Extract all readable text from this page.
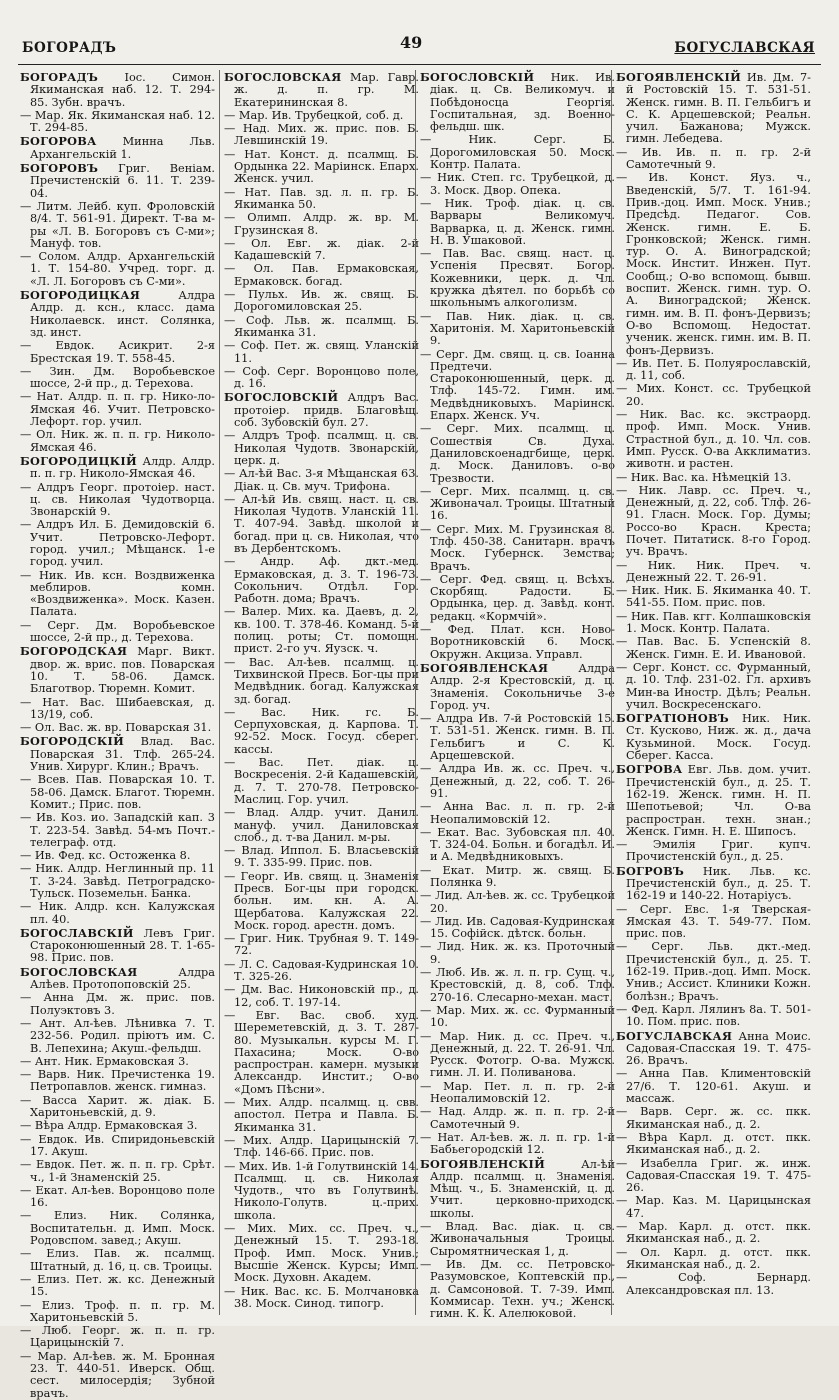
БОГОРАДЪ	49	БОГУСЛАВСКАЯ

БОГОРАДЪ Іос. Симон. Якиманская наб. 12. Т. 294-85. Зубн. врачъ.

— Мар. Як. Якиманская наб. 12. Т. 294-85.

БОГОРОВА Минна Льв. Архангельскій 1.

БОГОРОВЪ Григ. Веніам. Пречистенскій 6. 11. Т. 239-04.

— Литм. Лейб. куп. Фроловскій 8/4. Т. 561-91. Директ. Т-ва м-ры «Л. В. Богоровъ съ С-ми»; Мануф. тов.

— Солом. Алдр. Архангельскій 1. Т. 154-80. Учред. торг. д. «Л. Л. Богоровъ съ С-ми».

БОГОРОДИЦКАЯ	Алдра Алдр. д. ксн., класс. дама Николаевск. инст. Солянка, зд. инст.

— Евдок. Асикрит. 2-я Брестская 19. Т. 558-45.

— Зин. Дм. Воробьевское шоссе, 2-й пр., д. Терехова.

— Нат. Алдр. п. п. гр. Нико-ло-Ямская 46. Учит. Петровско-Лефорт. гор. учил.

— Ол. Ник. ж. п. п. гр. Николо-Ямская 46.

БОГОРОДИЦКІЙ Алдр. Алдр. п. п. гр. Николо-Ямская 46.

— Алдръ Георг. протоіер. наст. ц. св. Николая Чудотворца. Звонарскій 9.

— Алдръ Ил. Б. Демидовскій 6. Учит. Петровско-Лефорт. город. учил.; Мѣщанск. 1-е город. учил.

— Ник. Ив. ксн. Воздвиженка меблиров. комн. «Воздвиженка». Моск. Казен. Палата.

— Серг. Дм. Воробьевское шоссе, 2-й пр., д. Терехова.

БОГОРОДСКАЯ Марг. Викт. двор. ж. врис. пов. Поварская 10. Т. 58-06. Дамск. Благотвор. Тюремн. Комит.

— Нат. Вас. Шибаевская, д. 13/19, соб.

— Ол. Вас. ж. вр. Поварская 31.

БОГОРОДСКІЙ Влад. Вас. Поварская 31. Тлф. 265-24. Унив. Хирург. Клин.; Врачъ.

— Всев. Пав. Поварская 10. Т. 58-06. Дамск. Благот. Тюремн. Комит.; Прис. пов.

— Ив. Коз. ио. Западскій кап. 3 Т. 223-54. Завѣд. 54-мъ Почт.-телеграф. отд.

— Ив. Фед. кс. Остоженка 8.

— Ник. Алдр. Неглинный пр. 11 Т. 3-24. Завѣд. Петроградско-Тульск. Поземельн. Банка.

— Ник. Алдр. ксн. Калужская пл. 40.

БОГОСЛАВСКІЙ Левъ Григ. Староконюшенный 28. Т. 1-65-98. Прис. пов.

БОГОСЛОВСКАЯ	Алдра Алѣев. Протопоповскій 25.

— Анна Дм. ж. прис. пов. Полуэктовъ 3.

— Ант. Ал-ѣев. Лѣнивка 7. Т. 232-56. Родил. пріютъ им. С. В. Лепехина; Акуш.-фельдш.

— Ант. Ник. Ермаковская 3.

— Варв. Ник. Пречистенка 19. Петропавлов. женск. гимназ.

— Васса Харит. ж. діак. Б. Харитоньевскій, д. 9.

— Вѣра Алдр. Ермаковская 3.

— Евдок. Ив. Спиридоньевскій 17. Акуш.

— Евдок. Пет. ж. п. п. гр. Срѣт. ч., 1-й Знаменскій 25.

— Екат. Ал-ѣев. Воронцово поле 16.

— Елиз. Ник. Солянка, Воспитательн. д. Имп. Моск. Родовспом. завед.; Акуш.

— Елиз. Пав. ж. псалмщ. Штатный, д. 16, ц. св. Троицы.

— Елиз. Пет. ж. кс. Денежный 15.

— Елиз. Троф. п. п. гр. М. Харитоньевскій 5.

— Люб. Георг. ж. п. п. гр. Царицынскій 7.

— Мар. Ал-ѣев. ж. М. Бронная 23. Т. 440-51. Иверск. Общ. сест. милосердія; Зубной врачъ.

БОГОСЛОВСКАЯ Мар. Гавр. ж. д. п. гр. М. Екатерининская 8.

— Мар. Ив. Трубецкой, соб. д.

— Над. Мих. ж. прис. пов. Б. Левшинскій 19.

— Нат. Конст. д. псалмщ. Б. Ордынка 22. Маріинск. Епарх. Женск. учил.

— Нат. Пав. зд. л. п. гр. Б. Якиманка 50.

— Олимп. Алдр. ж. вр. М. Грузинская 8.

— Ол. Евг. ж. діак. 2-й Кадашевскій 7.

— Ол. Пав. Ермаковская, Ермаковск. богад.

— Пульх. Ив. ж. свящ. Б. Дорогомиловская 25.

— Соф. Льв. ж. псалмщ. Б. Якиманка 31.

— Соф. Пет. ж. свящ. Уланскій 11.

— Соф. Серг. Воронцово поле, д. 16.

БОГОСЛОВСКІЙ Алдръ Вас. протоіер. придв. Благовѣщ. соб. Зубовскій бул. 27.

— Алдръ Троф. псалмщ. ц. св. Николая Чудотв. Звонарскій, церк. д.

— Ал-ѣй Вас. 3-я Мѣщанская 63. Діак. ц. Св. муч. Трифона.

— Ал-ѣй Ив. свящ. наст. ц. св. Николая Чудотв. Уланскій 11. Т. 407-94. Завѣд. школой и богад. при ц. св. Николая, что въ Дербентскомъ.

— Андр. Аф. дкт.-мед. Ермаковская, д. 3. Т. 196-73. Сокольнич. Отдѣл. Гор. Работн. дома; Врачъ.

— Валер. Мих. ка. Даевъ, д. 2, кв. 100. Т. 378-46. Команд. 5-й полиц. роты; Ст. помощн. прист. 2-го уч. Яузск. ч.

— Вас. Ал-ѣев. псалмщ. ц. Тихвинской Пресв. Бог-цы при Медвѣдник. богад. Калужская зд. богад.

— Вас. Ник. гс. Б. Серпуховская, д. Карпова. Т. 92-52. Моск. Госуд. сберег. кассы.

— Вас. Пет. діак. ц. Воскресенія. 2-й Кадашевскій, д. 7. Т. 270-78. Петровско-Маслиц. Гор. учил.

— Влад. Алдр. учит. Данил. мануф. учил. Даниловская слоб., д. т-ва Данил. м-ры.

— Влад. Иппол. Б. Власьевскій 9. Т. 335-99. Прис. пов.

— Георг. Ив. свящ. ц. Знаменія Пресв. Бог-цы при городск. больн. им. кн. А. А. Щербатова. Калужская 22. Моск. город. арестн. домъ.

— Григ. Ник. Трубная 9. Т. 149-72.

— Л. С. Садовая-Кудринская 10. Т. 325-26.

— Дм. Вас. Никоновскій пр., д. 12, соб. Т. 197-14.

— Евг. Вас. своб. худ. Шереметевскій, д. 3. Т. 287-80. Музыкальн. курсы М. Г. Пахасина; Моск. О-во распростран. камерн. музыки Александр. Инстит.; О-во «Домъ Пѣсни».

— Мих. Алдр. псалмщ. ц. свв. апостол. Петра и Павла. Б. Якиманка 31.

— Мих. Алдр. Царицынскій 7. Тлф. 146-66. Прис. пов.

— Мих. Ив. 1-й Голутвинскій 14. Псалмщ. ц. св. Николая Чудотв., что въ Голутвинѣ. Николо-Голутв. ц.-прих. школа.

— Мих. Мих. сс. Преч. ч., Денежный 15. Т. 293-18. Проф. Имп. Моск. Унив.; Высшіе Женск. Курсы; Имп. Моск. Духовн. Академ.

— Ник. Вас. кс. Б. Молчановка 38. Моск. Синод. типогр.

БОГОСЛОВСКІЙ Ник. Ив. діак. ц. Св. Великомуч. и Побѣдоносца Георгія. Госпитальная, зд. Военно-фельдш. шк.

— Ник. Серг. Б. Дорогомиловская 50. Моск. Контр. Палата.

— Ник. Степ. гс. Трубецкой, д. 3. Моск. Двор. Опека.

— Ник. Троф. діак. ц. св. Варвары Великомуч. Варварка, ц. д. Женск. гимн. Н. В. Ушаковой.

— Пав. Вас. свящ. наст. ц. Успенія Пресвят. Богор. Кожевники, церк. д. Чл. кружка дѣятел. по борьбѣ со школьнымъ алкоголизм.

— Пав. Ник. діак. ц. св. Харитонія. М. Харитоньевскій 9.

— Серг. Дм. свящ. ц. св. Іоанна Предтечи. Староконюшенный, церк. д. Тлф. 145-72. Гимн. им. Медвѣдниковыхъ. Маріинск. Епарх. Женск. Уч.

— Серг. Мих. псалмщ. ц. Сошествія Св. Духа. Даниловскоенадгбище, церк. д. Моск. Даниловъ. о-во Трезвости.

— Серг. Мих. псалмщ. ц. св. Живоначал. Троицы. Штатный 16.

— Серг. Мих. М. Грузинская 8. Тлф. 450-38. Санитарн. врачъ Моск. Губернск. Земства; Врачъ.

— Серг. Фед. свящ. ц. Всѣхъ. Скорбящ. Радости. Б. Ордынка, цер. д. Завѣд. конт. редакц. «Кормчій».

— Фед. Плат. ксн. Ново-Воротниковскій 6. Моск. Окружн. Акциза. Управл.

БОГОЯВЛЕНСКАЯ	Алдра Алдр. 2-я Крестовскій, д. ц. Знаменія. Сокольничье 3-е Город. уч.

— Алдра Ив. 7-й Ростовскій 15. Т. 531-51. Женск. гимн. В. П. Гельбигъ и С. К. Арцешевской.

— Алдра Ив. ж. сс. Преч. ч., Денежный, д. 22, соб. Т. 26-91.

— Анна Вас. л. п. гр. 2-й Неопалимовскій 12.

— Екат. Вас. Зубовская пл. 40. Т. 324-04. Больн. и богадѣл. И. и А. Медвѣдниковыхъ.

— Екат. Митр. ж. свящ. Б. Полянка 9.

— Лид. Ал-ѣев. ж. сс. Трубецкой 20.

— Лид. Ив. Садовая-Кудринская 15. Софійск. дѣтск. больн.

— Лид. Ник. ж. кз. Проточный 9.

— Люб. Ив. ж. л. п. гр. Сущ. ч., Крестовскій, д. 8, соб. Тлф. 270-16. Слесарно-механ. маст.

— Мар. Мих. ж. сс. Фурманный 10.

— Мар. Ник. д. сс. Преч. ч., Денежный, д. 22. Т. 26-91. Чл. Русск. Фотогр. О-ва. Мужск. гимн. Л. И. Поливанова.

— Мар. Пет. л. п. гр. 2-й Неопалимовскій 12.

— Над. Алдр. ж. п. п. гр. 2-й Самотечный 9.

— Нат. Ал-ѣев. ж. л. п. гр. 1-й Бабьегородскій 12.

БОГОЯВЛЕНСКІЙ	Ал-ѣй Алдр. псалмщ. ц. Знаменія. Мѣщ. ч., Б. Знаменскій, ц. д. Учит. церковно-приходск. школы.

— Влад. Вас. діак. ц. св. Живоначальныя Троицы. Сыромятническая 1, д.

— Ив. Дм. сс. Петровско-Разумовское, Коптевскій пр., д. Самсоновой. Т. 7-39. Имп. Коммисар. Техн. уч.; Женск. гимн. К. К. Алелюковой.

БОГОЯВЛЕНСКІЙ Ив. Дм. 7-й Ростовскій 15. Т. 531-51. Женск. гимн. В. П. Гельбигъ и С. К. Арцешевской; Реальн. учил. Бажанова; Мужск. гимн. Лебедева.

— Ив. Ив. п. п. гр. 2-й Самотечный 9.

— Ив. Конст. Яуз. ч., Введенскій, 5/7. Т. 161-94. Прив.-доц. Имп. Моск. Унив.; Предсѣд. Педагог. Сов. Женск. гимн. Е. Б. Гронковской; Женск. гимн. тур. О. А. Виноградской; Моск. Инстит. Инжен. Пут. Сообщ.; О-во вспомощ. бывш. воспит. Женск. гимн. тур. О. А. Виноградской; Женск. гимн. им. В. П. фонъ-Дервизъ; О-во Вспомощ. Недостат. ученик. женск. гимн. им. В. П. фонъ-Дервизъ.

— Ив. Пет. Б. Полуярославскій, д. 11, соб.

— Мих. Конст. сс. Трубецкой 20.

— Ник. Вас. кс. экстраорд. проф. Имп. Моск. Унив. Страстной бул., д. 10. Чл. сов. Имп. Русск. О-ва Акклиматиз. животн. и растен.

— Ник. Вас. ка. Нѣмецкій 13.

— Ник. Лавр. сс. Преч. ч., Денежный, д. 22, соб. Тлф. 26-91. Гласн. Моск. Гор. Думы; Россо-во Красн. Креста; Почет. Питатиск. 8-го Город. уч. Врачъ.

— Ник. Ник. Преч. ч. Денежный 22. Т. 26-91.

— Ник. Ник. Б. Якиманка 40. Т. 541-55. Пом. прис. пов.

— Ник. Пав. кгг. Колпашковскія 1. Моск. Контр. Палата.

— Пав. Вас. Б. Успенскій 8. Женск. Гимн. Е. И. Ивановой.

— Серг. Конст. сс. Фурманный, д. 10. Тлф. 231-02. Гл. архивъ Мин-ва Иностр. Дѣлъ; Реальн. учил. Воскресенскаго.

БОГРАТІОНОВЪ Ник. Ник. Ст. Кусково, Ниж. ж. д., дача Кузьминой. Моск. Госуд. Сберег. Касса.

БОГРОВА Евг. Льв. дом. учит. Пречистенскій бул., д. 25. Т. 162-19. Женск. гимн. Н. П. Шепотьевой; Чл. О-ва распростран. техн. знан.; Женск. Гимн. Н. Е. Шипосъ.

— Эмилія Григ. купч. Прочистенскій бул., д. 25.

БОГРОВЪ Ник. Льв. кс. Пречистенскій бул., д. 25. Т. 162-19 и 140-22. Нотаріусъ.

— Серг. Евс. 1-я Тверская-Ямская 43. Т. 549-77. Пом. прис. пов.

— Серг. Льв. дкт.-мед. Пречистенскій бул., д. 25. Т. 162-19. Прив.-доц. Имп. Моск. Унив.; Ассист. Клиники Кожн. болѣзн.; Врачъ.

— Фед. Карл. Лялинъ 8а. Т. 501-10. Пом. прис. пов.

БОГУСЛАВСКАЯ Анна Моис. Садовая-Спасская 19. Т. 475-26. Врачъ.

— Анна Пав. Климентовскій 27/6. Т. 120-61. Акуш. и массаж.

— Варв. Серг. ж. сс. пкк. Якиманская наб., д. 2.

— Вѣра Карл. д. отст. пкк. Якиманская наб., д. 2.

— Изабелла Григ. ж. инж. Садовая-Спасская 19. Т. 475-26.

— Мар. Каз. М. Царицынская 47.

— Мар. Карл. д. отст. пкк. Якиманская наб., д. 2.

— Ол. Карл. д. отст. пкк. Якиманская наб., д. 2.

— Соф. Бернард. Александровская пл. 13.
